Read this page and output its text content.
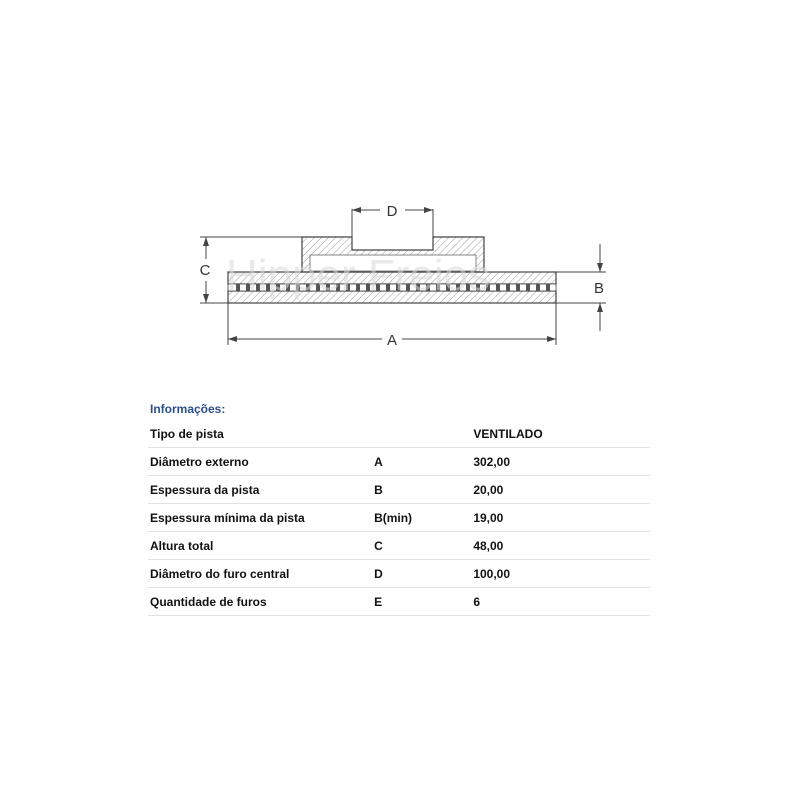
D
C
B
A
Hipper Freios
Informações:
Tipo de pista		VENTILADO
Diâmetro externo	A	302,00
Espessura da pista	B	20,00
Espessura mínima da pista	B(min)	19,00
Altura total	C	48,00
Diâmetro do furo central	D	100,00
Quantidade de furos	E	6
